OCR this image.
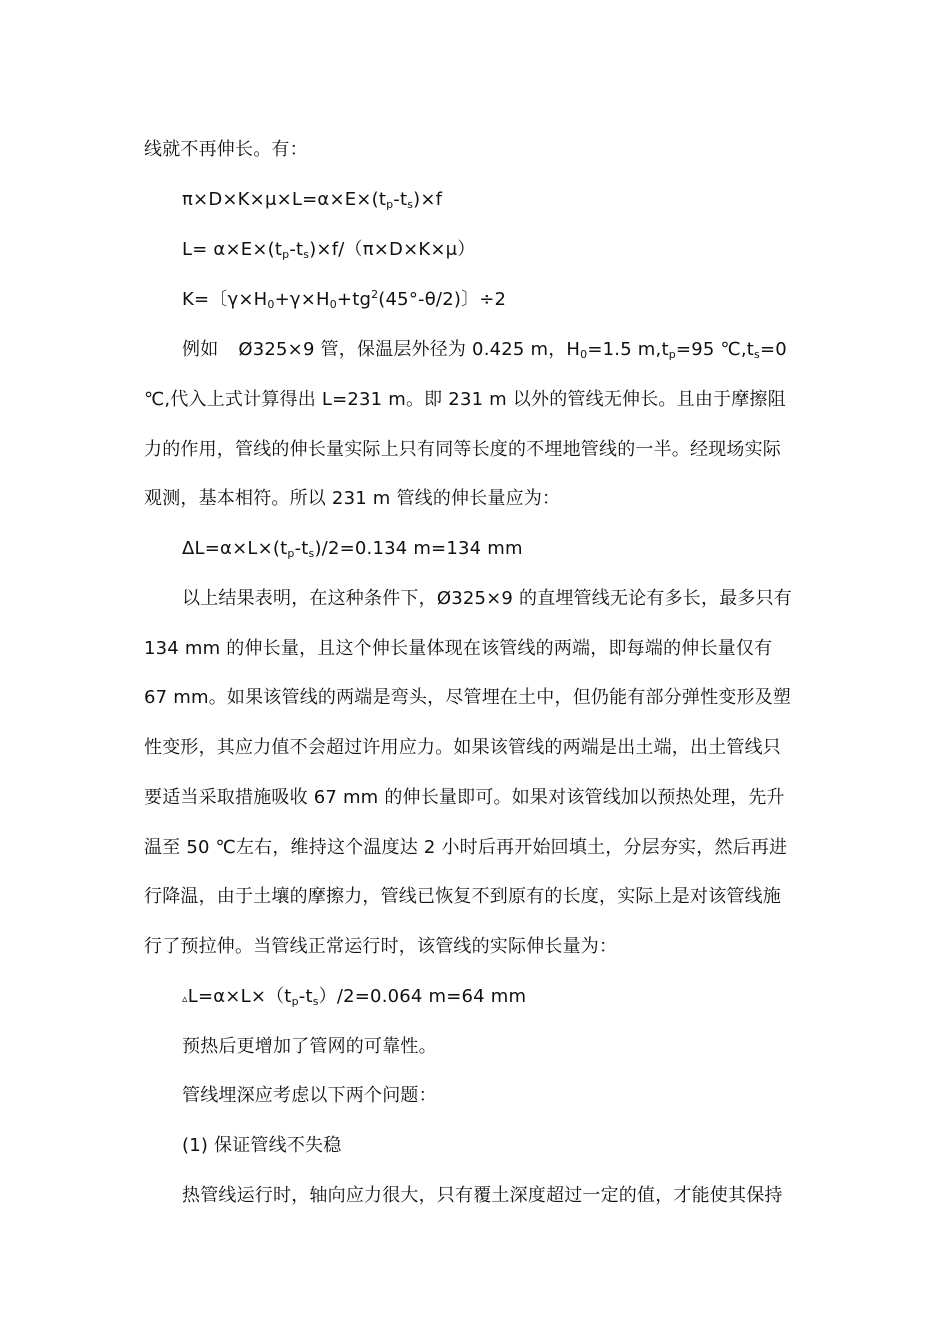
线就不再伸长。有：
$\pi\times D\times K\times\mu\times L=\alpha\times E\times(t_p-t_s)\times f$
$L= \alpha\times E\times(t_p-t_s)\times f/(\pi\times D\times K\times\mu)$
K=〔$\gamma\times H_0+\gamma\times H_0+tg^2(45^\circ-\theta/2)$〕÷2
例如 Ø325×9 管，保温层外径为 0.425 m，$H_0=1.5$ $m,t_p=95$ $℃,t_s=0$
℃,代入上式计算得出 L=231 m。即 231 m 以外的管线无伸长。且由于摩擦阻
力的作用，管线的伸长量实际上只有同等长度的不埋地管线的一半。经现场实际
观测，基本相符。所以 231 m 管线的伸长量应为：
$\Delta L=\alpha\times L\times(t_p-t_s)/2=0.134$ m=134 mm
以上结果表明，在这种条件下，Ø325×9 的直埋管线无论有多长，最多只有
134 mm 的伸长量，且这个伸长量体现在该管线的两端，即每端的伸长量仅有
67 mm。如果该管线的两端是弯头，尽管埋在土中，但仍能有部分弹性变形及塑
性变形，其应力值不会超过许用应力。如果该管线的两端是出土端，出土管线只
要适当采取措施吸收 67 mm 的伸长量即可。如果对该管线加以预热处理，先升
温至 50 ℃左右，维持这个温度达 2 小时后再开始回填土，分层夯实，然后再进
行降温，由于土壤的摩擦力，管线已恢复不到原有的长度，实际上是对该管线施
行了预拉伸。当管线正常运行时，该管线的实际伸长量为：
$▵L=\alpha\times L\times(t_p-t_s)/2=0.064$ m=64 mm
预热后更增加了管网的可靠性。
管线埋深应考虑以下两个问题：
(1) 保证管线不失稳
热管线运行时，轴向应力很大，只有覆土深度超过一定的值，才能使其保持
